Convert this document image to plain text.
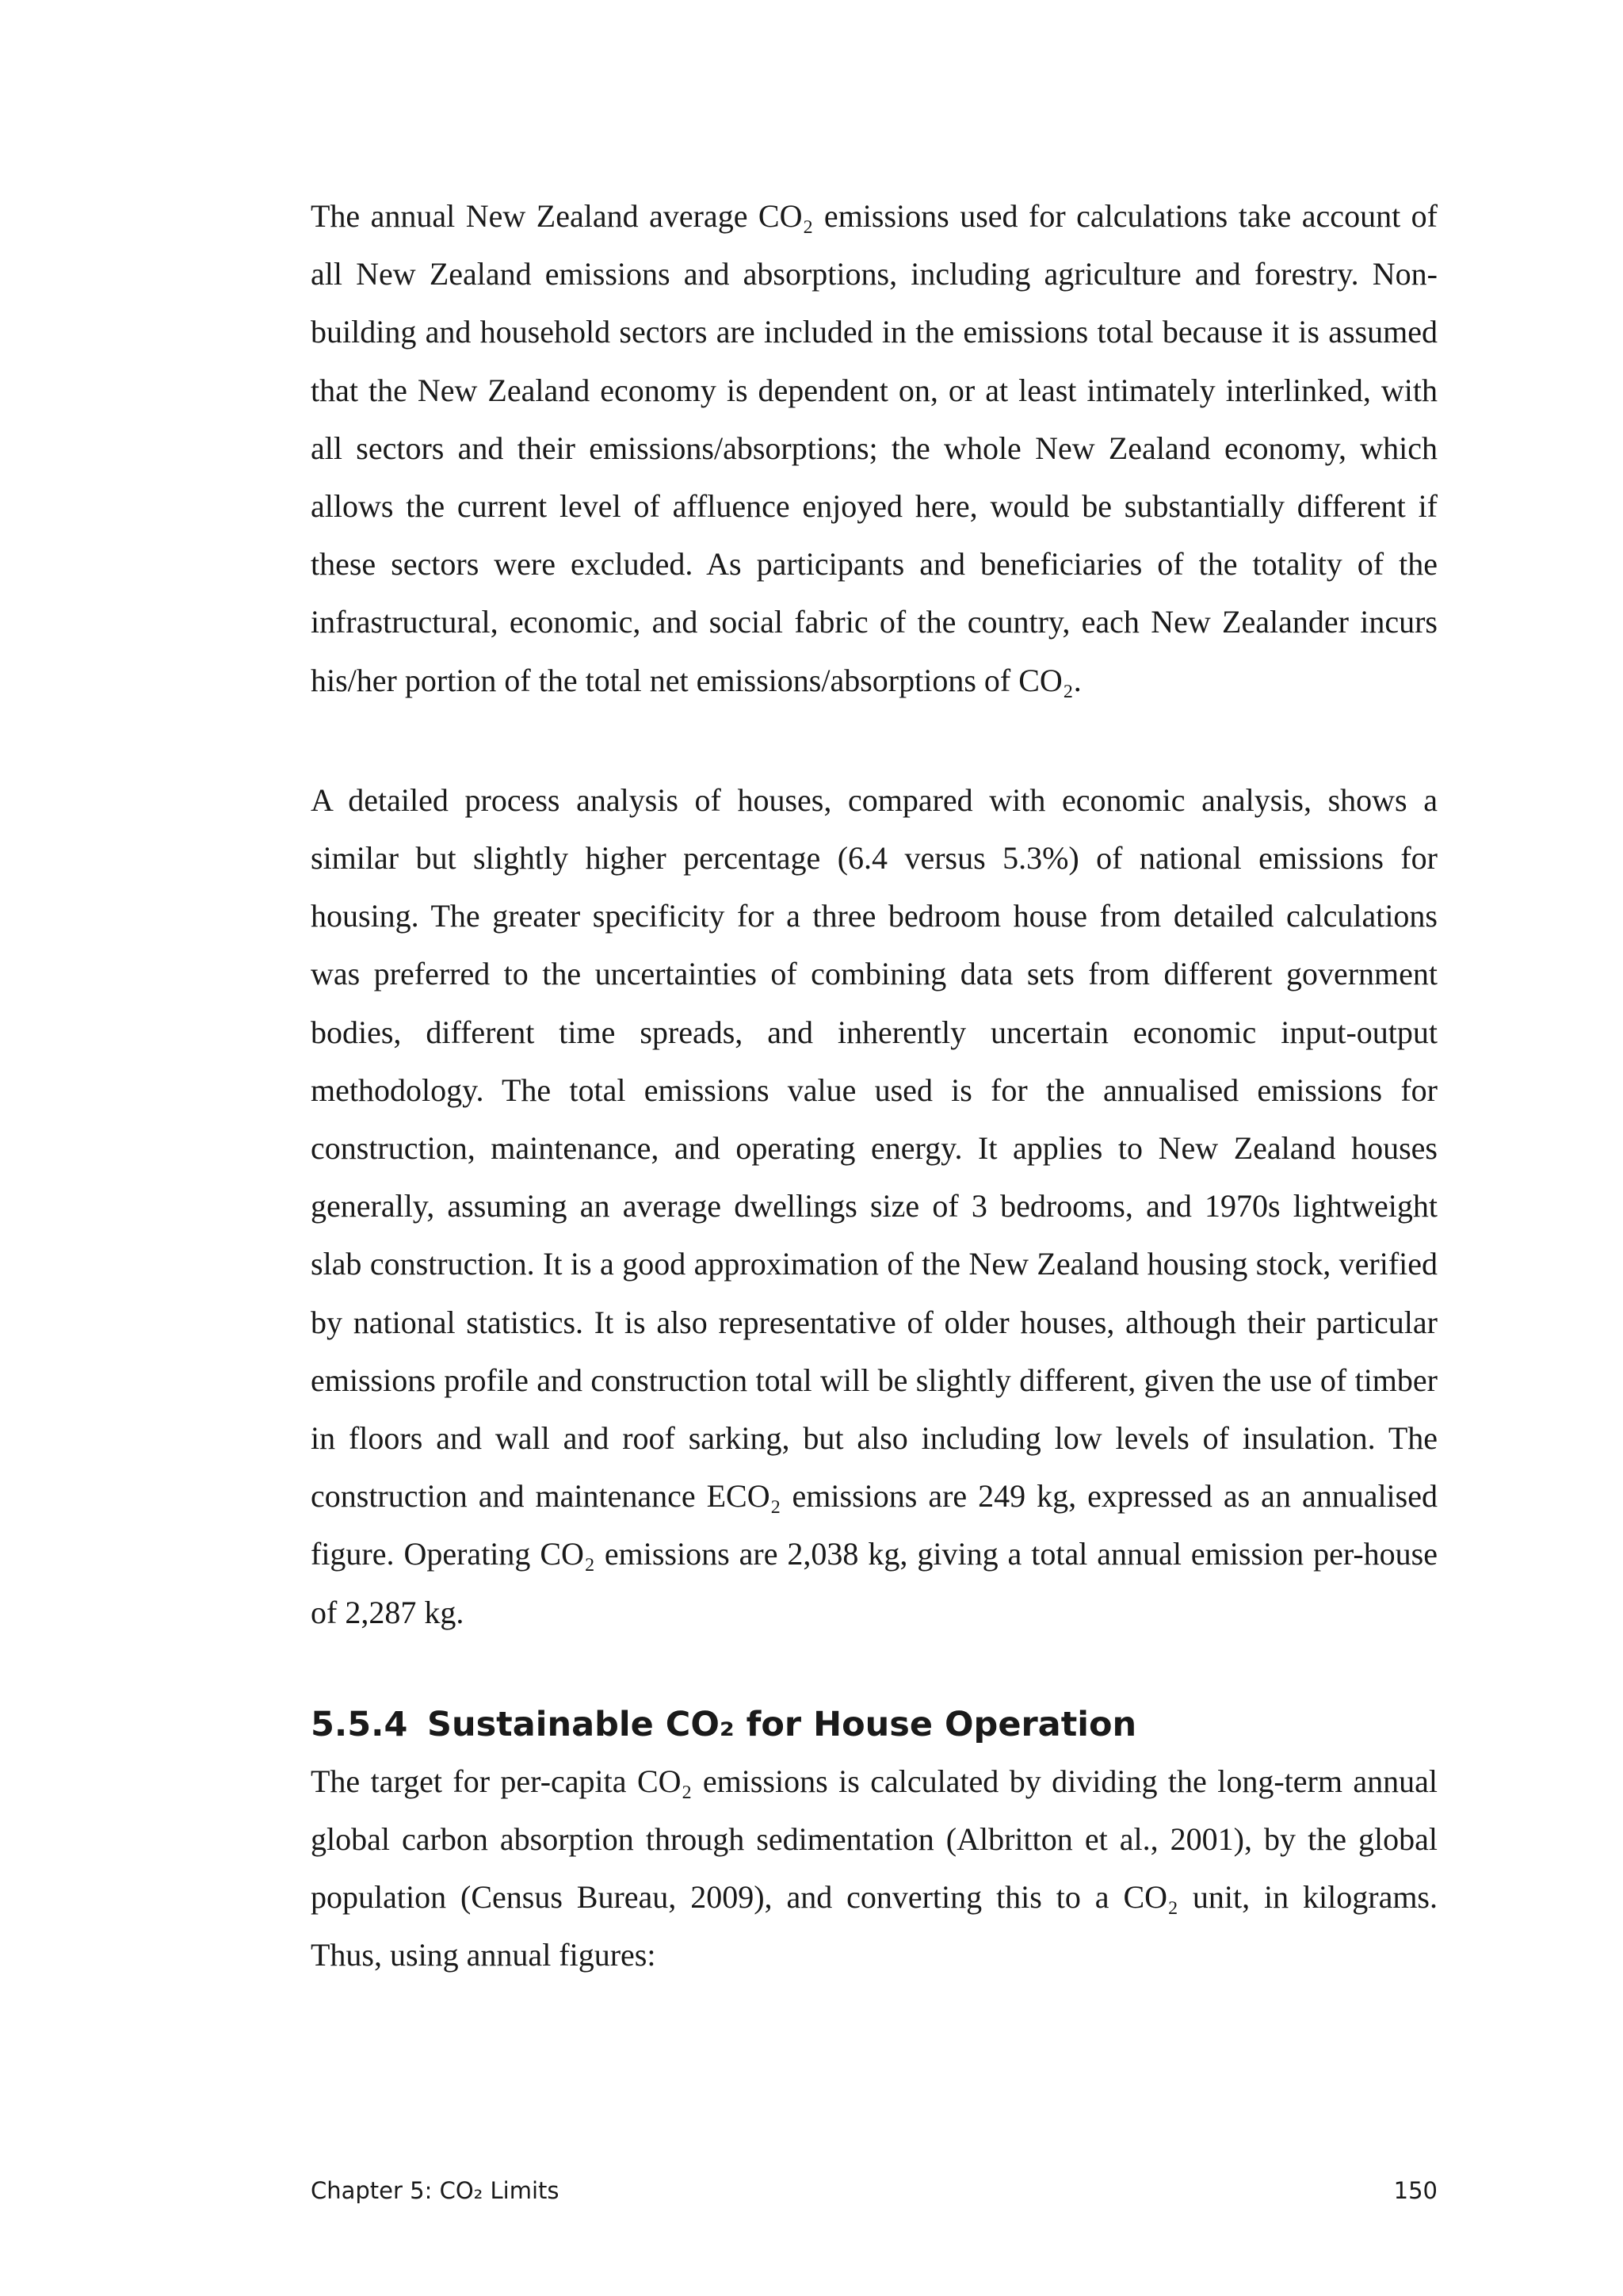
The annual New Zealand average CO₂ emissions used for calculations take account of all New Zealand emissions and absorptions, including agriculture and forestry. Non-building and household sectors are included in the emissions total because it is assumed that the New Zealand economy is dependent on, or at least intimately interlinked, with all sectors and their emissions/absorptions; the whole New Zealand economy, which allows the current level of affluence enjoyed here, would be substantially different if these sectors were excluded. As participants and beneficiaries of the totality of the infrastructural, economic, and social fabric of the country, each New Zealander incurs his/her portion of the total net emissions/absorptions of CO₂.

A detailed process analysis of houses, compared with economic analysis, shows a similar but slightly higher percentage (6.4 versus 5.3%) of national emissions for housing. The greater specificity for a three bedroom house from detailed calculations was preferred to the uncertainties of combining data sets from different government bodies, different time spreads, and inherently uncertain economic input-output methodology. The total emissions value used is for the annualised emissions for construction, maintenance, and operating energy. It applies to New Zealand houses generally, assuming an average dwellings size of 3 bedrooms, and 1970s lightweight slab construction. It is a good approximation of the New Zealand housing stock, verified by national statistics. It is also representative of older houses, although their particular emissions profile and construction total will be slightly different, given the use of timber in floors and wall and roof sarking, but also including low levels of insulation. The construction and maintenance ECO₂ emissions are 249 kg, expressed as an annualised figure. Operating CO₂ emissions are 2,038 kg, giving a total annual emission per-house of 2,287 kg.

5.5.4 Sustainable CO₂ for House Operation

The target for per-capita CO₂ emissions is calculated by dividing the long-term annual global carbon absorption through sedimentation (Albritton et al., 2001), by the global population (Census Bureau, 2009), and converting this to a CO₂ unit, in kilograms. Thus, using annual figures:

Chapter 5: CO₂ Limits	150
